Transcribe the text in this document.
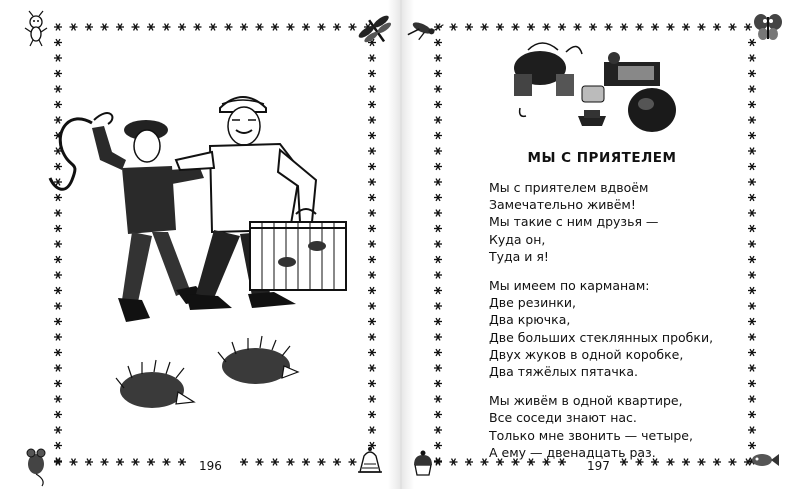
196	197
МЫ С ПРИЯТЕЛЕМ
Мы с приятелем вдвоём
Замечательно живём!
Мы такие с ним друзья —
Куда он,
Туда и я!
Мы имеем по карманам:
Две резинки,
Два крючка,
Две больших стеклянных пробки,
Двух жуков в одной коробке,
Два тяжёлых пятачка.
Мы живём в одной квартире,
Все соседи знают нас.
Только мне звонить — четыре,
А ему — двенадцать раз.
